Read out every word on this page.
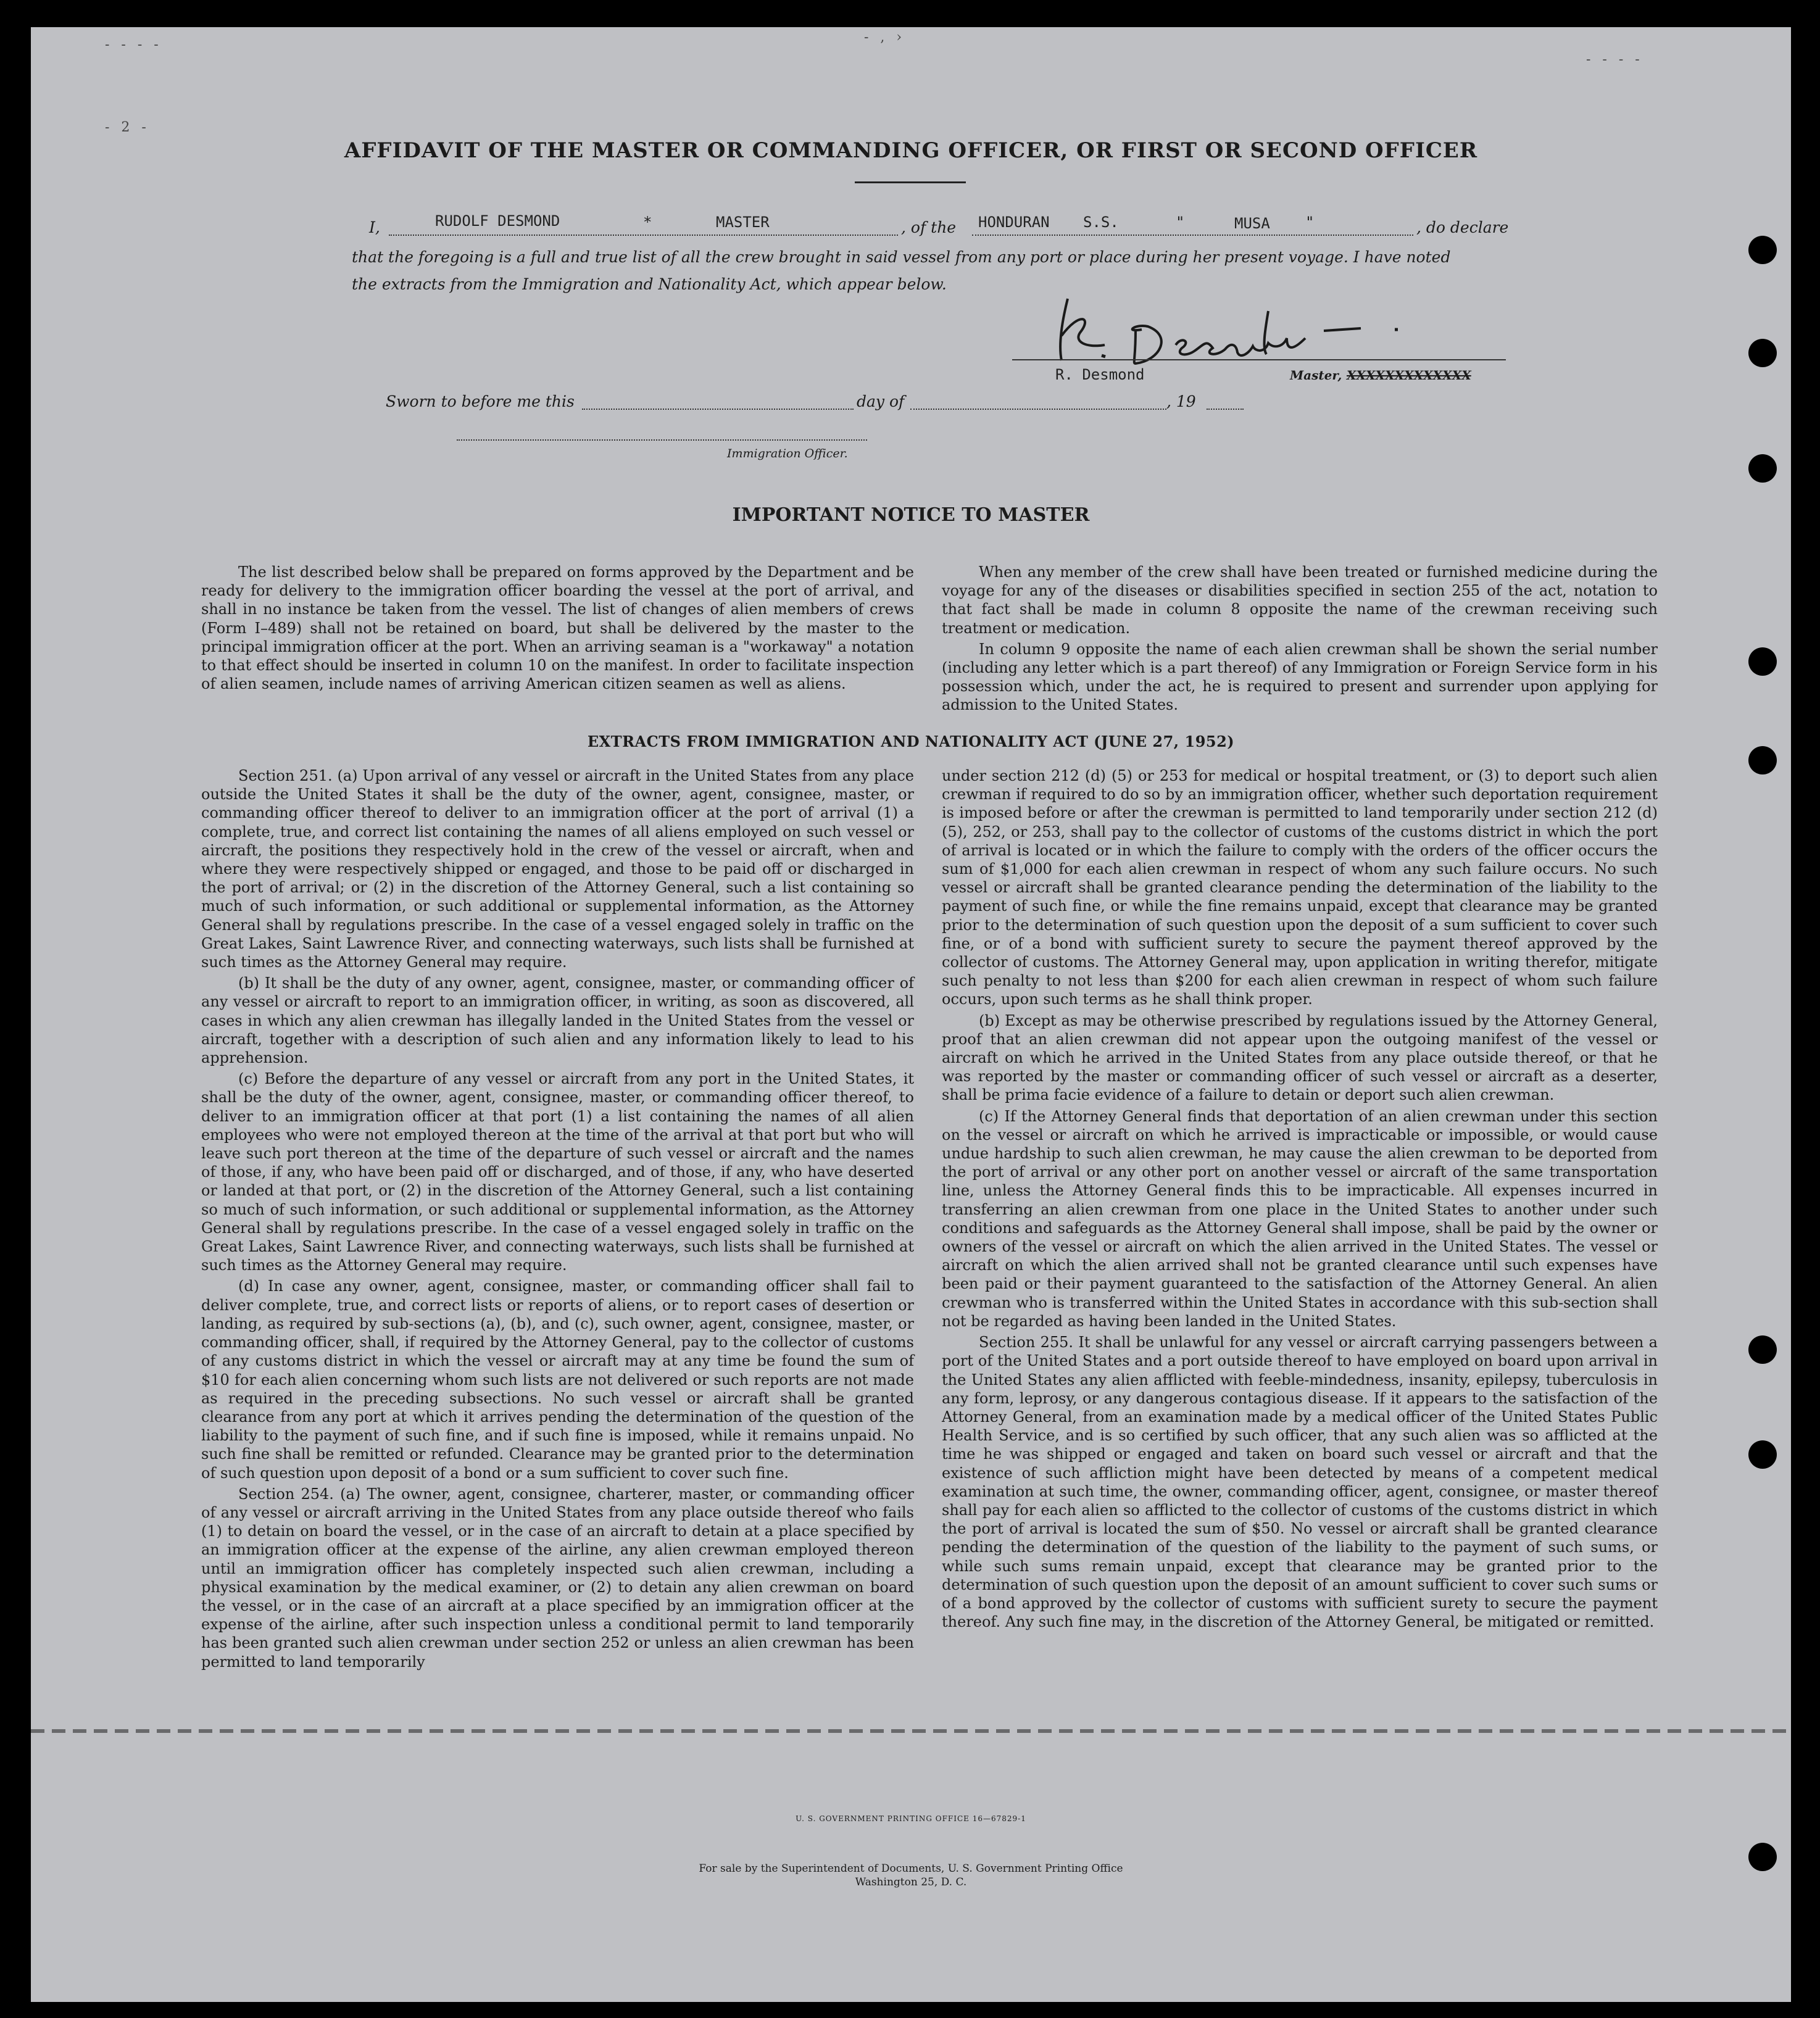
- - - -	- , ›
- - - -
- 2 -
AFFIDAVIT OF THE MASTER OR COMMANDING OFFICER, OR FIRST OR SECOND OFFICER
I,	RUDOLF DESMOND	*	MASTER	, of the HONDURAN S.S.	"	MUSA "	, do declare
that the foregoing is a full and true list of all the crew brought in said vessel from any port or place during her present voyage. I have noted
the extracts from the Immigration and Nationality Act, which appear below.
R. Desmond	Master, XXXXXXXXXXXXX
Sworn to before me this	day of	, 19
Immigration Officer.
IMPORTANT NOTICE TO MASTER

The list described below shall be prepared on forms approved by the Department and be ready for delivery to the immigration officer boarding the vessel at the port of arrival, and shall in no instance be taken from the vessel. The list of changes of alien members of crews (Form I–489) shall not be retained on board, but shall be delivered by the master to the principal immigration officer at the port. When an arriving seaman is a "workaway" a notation to that effect should be inserted in column 10 on the manifest. In order to facilitate inspection of alien seamen, include names of arriving American citizen seamen as well as aliens.

When any member of the crew shall have been treated or furnished medicine during the voyage for any of the diseases or disabilities specified in section 255 of the act, notation to that fact shall be made in column 8 opposite the name of the crewman receiving such treatment or medication.

In column 9 opposite the name of each alien crewman shall be shown the serial number (including any letter which is a part thereof) of any Immigration or Foreign Service form in his possession which, under the act, he is required to present and surrender upon applying for admission to the United States.

EXTRACTS FROM IMMIGRATION AND NATIONALITY ACT (JUNE 27, 1952)

Section 251. (a) Upon arrival of any vessel or aircraft in the United States from any place outside the United States it shall be the duty of the owner, agent, consignee, master, or commanding officer thereof to deliver to an immigration officer at the port of arrival (1) a complete, true, and correct list containing the names of all aliens employed on such vessel or aircraft, the positions they respectively hold in the crew of the vessel or aircraft, when and where they were respectively shipped or engaged, and those to be paid off or discharged in the port of arrival; or (2) in the discretion of the Attorney General, such a list containing so much of such information, or such additional or supplemental information, as the Attorney General shall by regulations prescribe. In the case of a vessel engaged solely in traffic on the Great Lakes, Saint Lawrence River, and connecting waterways, such lists shall be furnished at such times as the Attorney General may require.

(b) It shall be the duty of any owner, agent, consignee, master, or commanding officer of any vessel or aircraft to report to an immigration officer, in writing, as soon as discovered, all cases in which any alien crewman has illegally landed in the United States from the vessel or aircraft, together with a description of such alien and any information likely to lead to his apprehension.

(c) Before the departure of any vessel or aircraft from any port in the United States, it shall be the duty of the owner, agent, consignee, master, or commanding officer thereof, to deliver to an immigration officer at that port (1) a list containing the names of all alien employees who were not employed thereon at the time of the arrival at that port but who will leave such port thereon at the time of the departure of such vessel or aircraft and the names of those, if any, who have been paid off or discharged, and of those, if any, who have deserted or landed at that port, or (2) in the discretion of the Attorney General, such a list containing so much of such information, or such additional or supplemental information, as the Attorney General shall by regulations prescribe. In the case of a vessel engaged solely in traffic on the Great Lakes, Saint Lawrence River, and connecting waterways, such lists shall be furnished at such times as the Attorney General may require.

(d) In case any owner, agent, consignee, master, or commanding officer shall fail to deliver complete, true, and correct lists or reports of aliens, or to report cases of desertion or landing, as required by sub-sections (a), (b), and (c), such owner, agent, consignee, master, or commanding officer, shall, if required by the Attorney General, pay to the collector of customs of any customs district in which the vessel or aircraft may at any time be found the sum of $10 for each alien concerning whom such lists are not delivered or such reports are not made as required in the preceding subsections. No such vessel or aircraft shall be granted clearance from any port at which it arrives pending the determination of the question of the liability to the payment of such fine, and if such fine is imposed, while it remains unpaid. No such fine shall be remitted or refunded. Clearance may be granted prior to the determination of such question upon deposit of a bond or a sum sufficient to cover such fine.

Section 254. (a) The owner, agent, consignee, charterer, master, or commanding officer of any vessel or aircraft arriving in the United States from any place outside thereof who fails (1) to detain on board the vessel, or in the case of an aircraft to detain at a place specified by an immigration officer at the expense of the airline, any alien crewman employed thereon until an immigration officer has completely inspected such alien crewman, including a physical examination by the medical examiner, or (2) to detain any alien crewman on board the vessel, or in the case of an aircraft at a place specified by an immigration officer at the expense of the airline, after such inspection unless a conditional permit to land temporarily has been granted such alien crewman under section 252 or unless an alien crewman has been permitted to land temporarily

under section 212 (d) (5) or 253 for medical or hospital treatment, or (3) to deport such alien crewman if required to do so by an immigration officer, whether such deportation requirement is imposed before or after the crewman is permitted to land temporarily under section 212 (d) (5), 252, or 253, shall pay to the collector of customs of the customs district in which the port of arrival is located or in which the failure to comply with the orders of the officer occurs the sum of $1,000 for each alien crewman in respect of whom any such failure occurs. No such vessel or aircraft shall be granted clearance pending the determination of the liability to the payment of such fine, or while the fine remains unpaid, except that clearance may be granted prior to the determination of such question upon the deposit of a sum sufficient to cover such fine, or of a bond with sufficient surety to secure the payment thereof approved by the collector of customs. The Attorney General may, upon application in writing therefor, mitigate such penalty to not less than $200 for each alien crewman in respect of whom such failure occurs, upon such terms as he shall think proper.

(b) Except as may be otherwise prescribed by regulations issued by the Attorney General, proof that an alien crewman did not appear upon the outgoing manifest of the vessel or aircraft on which he arrived in the United States from any place outside thereof, or that he was reported by the master or commanding officer of such vessel or aircraft as a deserter, shall be prima facie evidence of a failure to detain or deport such alien crewman.

(c) If the Attorney General finds that deportation of an alien crewman under this section on the vessel or aircraft on which he arrived is impracticable or impossible, or would cause undue hardship to such alien crewman, he may cause the alien crewman to be deported from the port of arrival or any other port on another vessel or aircraft of the same transportation line, unless the Attorney General finds this to be impracticable. All expenses incurred in transferring an alien crewman from one place in the United States to another under such conditions and safeguards as the Attorney General shall impose, shall be paid by the owner or owners of the vessel or aircraft on which the alien arrived in the United States. The vessel or aircraft on which the alien arrived shall not be granted clearance until such expenses have been paid or their payment guaranteed to the satisfaction of the Attorney General. An alien crewman who is transferred within the United States in accordance with this sub-section shall not be regarded as having been landed in the United States.

Section 255. It shall be unlawful for any vessel or aircraft carrying passengers between a port of the United States and a port outside thereof to have employed on board upon arrival in the United States any alien afflicted with feeble-mindedness, insanity, epilepsy, tuberculosis in any form, leprosy, or any dangerous contagious disease. If it appears to the satisfaction of the Attorney General, from an examination made by a medical officer of the United States Public Health Service, and is so certified by such officer, that any such alien was so afflicted at the time he was shipped or engaged and taken on board such vessel or aircraft and that the existence of such affliction might have been detected by means of a competent medical examination at such time, the owner, commanding officer, agent, consignee, or master thereof shall pay for each alien so afflicted to the collector of customs of the customs district in which the port of arrival is located the sum of $50. No vessel or aircraft shall be granted clearance pending the determination of the question of the liability to the payment of such sums, or while such sums remain unpaid, except that clearance may be granted prior to the determination of such question upon the deposit of an amount sufficient to cover such sums or of a bond approved by the collector of customs with sufficient surety to secure the payment thereof. Any such fine may, in the discretion of the Attorney General, be mitigated or remitted.

U. S. GOVERNMENT PRINTING OFFICE 16—67829-1
For sale by the Superintendent of Documents, U. S. Government Printing Office
Washington 25, D. C.
